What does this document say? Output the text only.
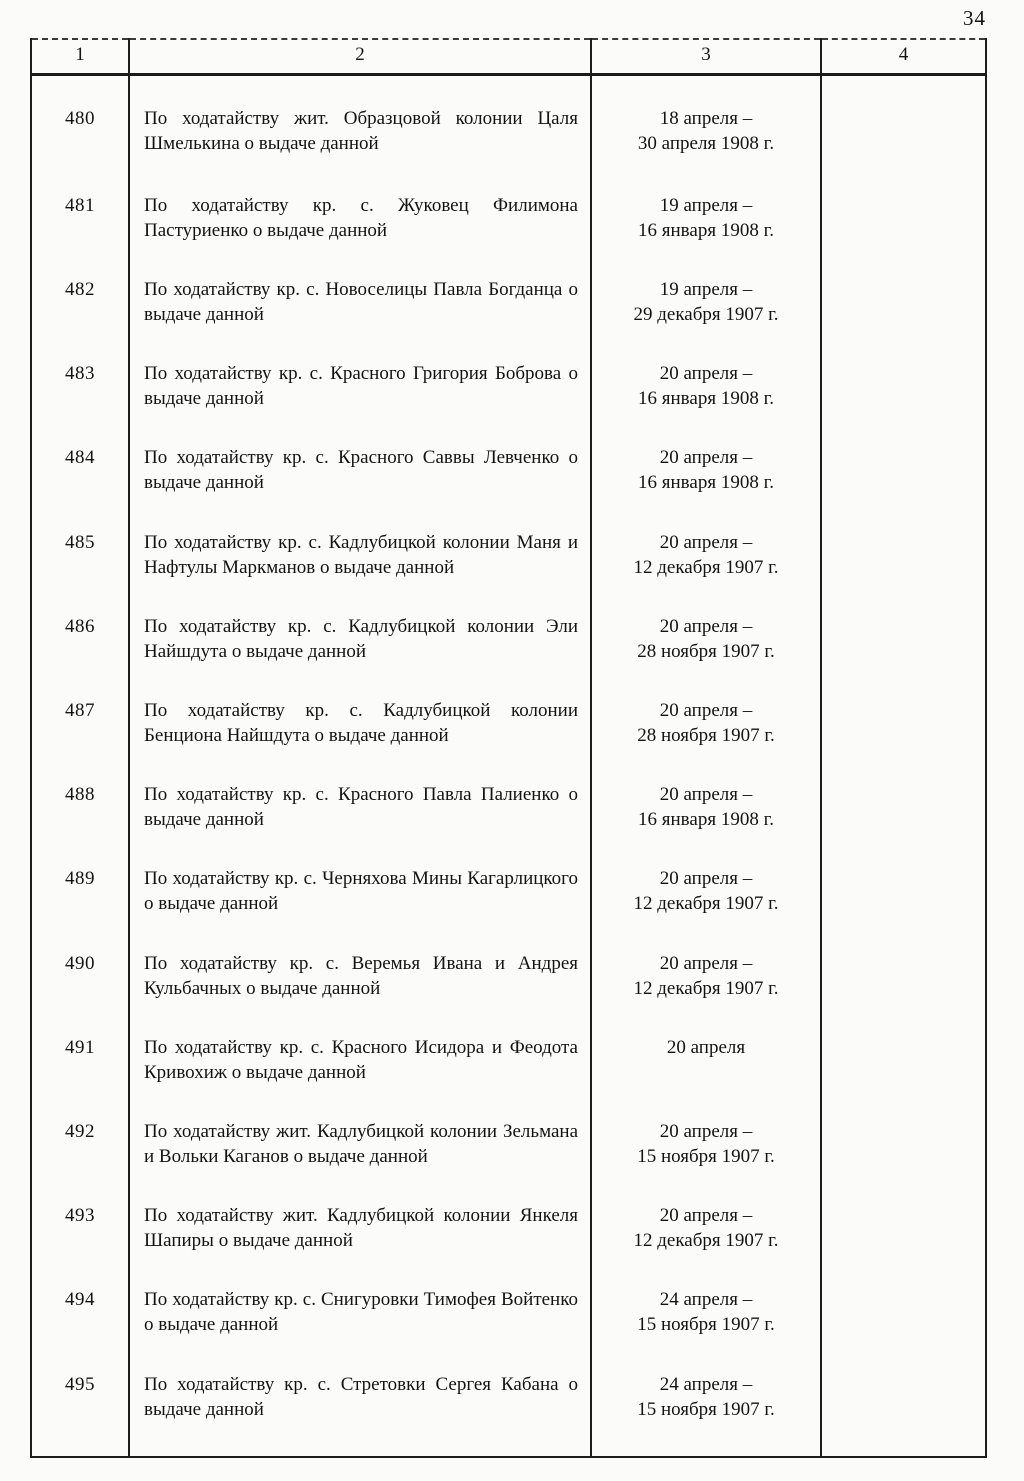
34
1	2	3	4
480	По ходатайству жит. Образцовой колонии Цаля Шмелькина о выдаче данной	18 апреля –
30 апреля 1908 г.	

481	По ходатайству кр. с. Жуковец Филимона Пастуриенко о выдаче данной	19 апреля –
16 января 1908 г.	

482	По ходатайству кр. с. Новоселицы Павла Богданца о выдаче данной	19 апреля –
29 декабря 1907 г.	

483	По ходатайству кр. с. Красного Григория Боброва о выдаче данной	20 апреля –
16 января 1908 г.	

484	По ходатайству кр. с. Красного Саввы Левченко о выдаче данной	20 апреля –
16 января 1908 г.	

485	По ходатайству кр. с. Кадлубицкой колонии Маня и Нафтулы Маркманов о выдаче данной	20 апреля –
12 декабря 1907 г.	

486	По ходатайству кр. с. Кадлубицкой колонии Эли Найшдута о выдаче данной	20 апреля –
28 ноября 1907 г.	

487	По ходатайству кр. с. Кадлубицкой колонии Бенциона Найшдута о выдаче данной	20 апреля –
28 ноября 1907 г.	

488	По ходатайству кр. с. Красного Павла Палиенко о выдаче данной	20 апреля –
16 января 1908 г.	

489	По ходатайству кр. с. Черняхова Мины Кагарлицкого о выдаче данной	20 апреля –
12 декабря 1907 г.	

490	По ходатайству кр. с. Веремья Ивана и Андрея Кульбачных о выдаче данной	20 апреля –
12 декабря 1907 г.	

491	По ходатайству кр. с. Красного Исидора и Феодота Кривохиж о выдаче данной	20 апреля	

492	По ходатайству жит. Кадлубицкой колонии Зельмана и Вольки Каганов о выдаче данной	20 апреля –
15 ноября 1907 г.	

493	По ходатайству жит. Кадлубицкой колонии Янкеля Шапиры о выдаче данной	20 апреля –
12 декабря 1907 г.	

494	По ходатайству кр. с. Снигуровки Тимофея Войтенко о выдаче данной	24 апреля –
15 ноября 1907 г.	

495	По ходатайству кр. с. Стретовки Сергея Кабана о выдаче данной	24 апреля –
15 ноября 1907 г.	
